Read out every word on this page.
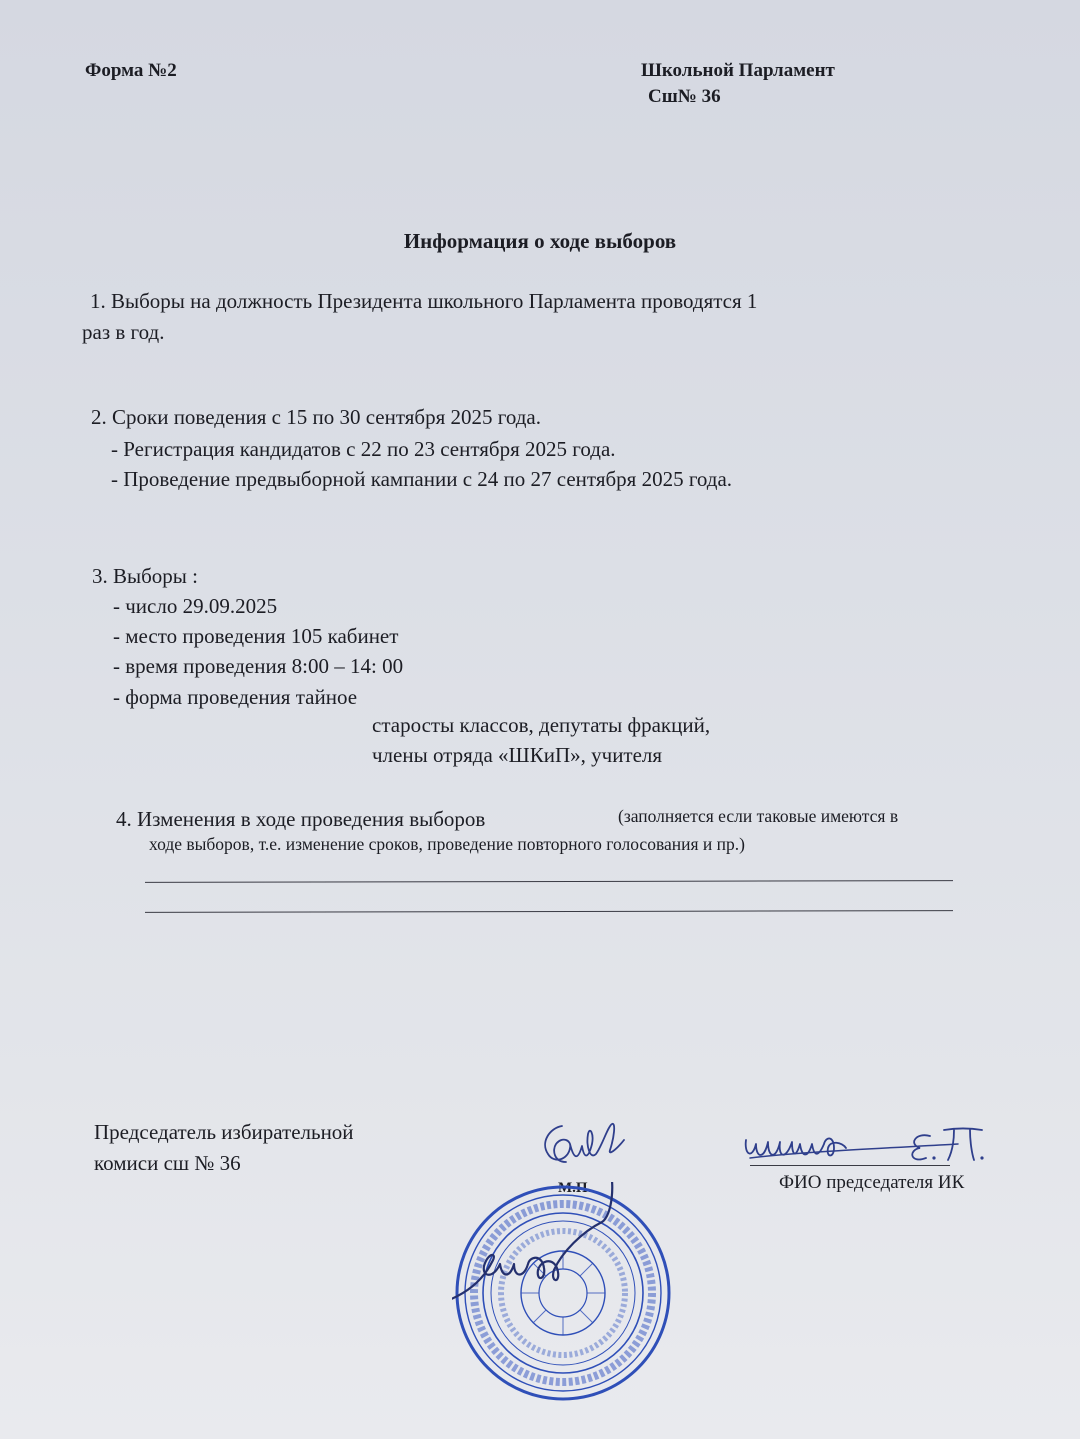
Форма №2	Школьной Парламент
Сш№ 36
Информация о ходе выборов
1. Выборы на должность Президента школьного Парламента проводятся 1
раз в год.
2. Сроки поведения с 15 по 30 сентября 2025 года.
- Регистрация кандидатов с 22 по 23 сентября 2025 года.
- Проведение предвыборной кампании с 24 по 27 сентября 2025 года.
3. Выборы :
- число 29.09.2025
- место проведения 105 кабинет
- время проведения 8:00 – 14: 00
- форма проведения тайное
старосты классов, депутаты фракций,
члены отряда «ШКиП», учителя
4. Изменения в ходе проведения выборов	(заполняется если таковые имеются в
ходе выборов, т.е. изменение сроков, проведение повторного голосования и пр.)
Председатель избирательной
комиси сш № 36
М.П.	ФИО председателя ИК
